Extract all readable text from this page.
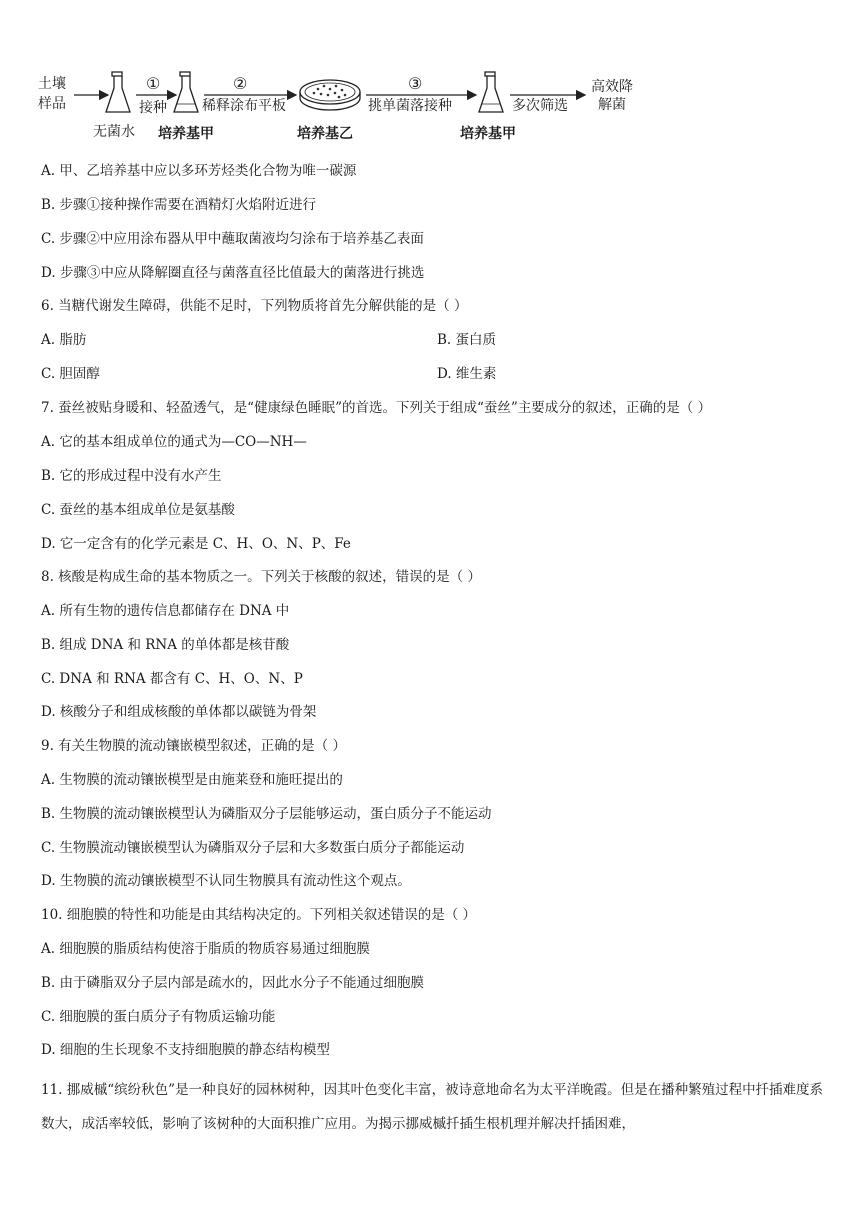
土壤
样品
①
接种
②
稀释涂布平板
③
挑单菌落接种	多次筛选
高效降
解菌
无菌水 培养基甲	培养基乙	培养基甲
A. 甲、乙培养基中应以多环芳烃类化合物为唯一碳源
B. 步骤①接种操作需要在酒精灯火焰附近进行
C. 步骤②中应用涂布器从甲中蘸取菌液均匀涂布于培养基乙表面
D. 步骤③中应从降解圈直径与菌落直径比值最大的菌落进行挑选
6. 当糖代谢发生障碍，供能不足时，下列物质将首先分解供能的是（ ）
A. 脂肪	B. 蛋白质
C. 胆固醇	D. 维生素
7. 蚕丝被贴身暖和、轻盈透气，是“健康绿色睡眠”的首选。下列关于组成“蚕丝”主要成分的叙述，正确的是（ ）
A. 它的基本组成单位的通式为—CO—NH—
B. 它的形成过程中没有水产生
C. 蚕丝的基本组成单位是氨基酸
D. 它一定含有的化学元素是 C、H、O、N、P、Fe
8. 核酸是构成生命的基本物质之一。下列关于核酸的叙述，错误的是（ ）
A. 所有生物的遗传信息都储存在 DNA 中
B. 组成 DNA 和 RNA 的单体都是核苷酸
C. DNA 和 RNA 都含有 C、H、O、N、P
D. 核酸分子和组成核酸的单体都以碳链为骨架
9. 有关生物膜的流动镶嵌模型叙述，正确的是（ ）
A. 生物膜的流动镶嵌模型是由施莱登和施旺提出的
B. 生物膜的流动镶嵌模型认为磷脂双分子层能够运动，蛋白质分子不能运动
C. 生物膜流动镶嵌模型认为磷脂双分子层和大多数蛋白质分子都能运动
D. 生物膜的流动镶嵌模型不认同生物膜具有流动性这个观点。
10. 细胞膜的特性和功能是由其结构决定的。下列相关叙述错误的是（ ）
A. 细胞膜的脂质结构使溶于脂质的物质容易通过细胞膜
B. 由于磷脂双分子层内部是疏水的，因此水分子不能通过细胞膜
C. 细胞膜的蛋白质分子有物质运输功能
D. 细胞的生长现象不支持细胞膜的静态结构模型
11. 挪威槭“缤纷秋色”是一种良好的园林树种，因其叶色变化丰富，被诗意地命名为太平洋晚霞。但是在播种繁殖过程中扦插难度系数大，成活率较低，影响了该树种的大面积推广应用。为揭示挪威槭扦插生根机理并解决扦插困难，
